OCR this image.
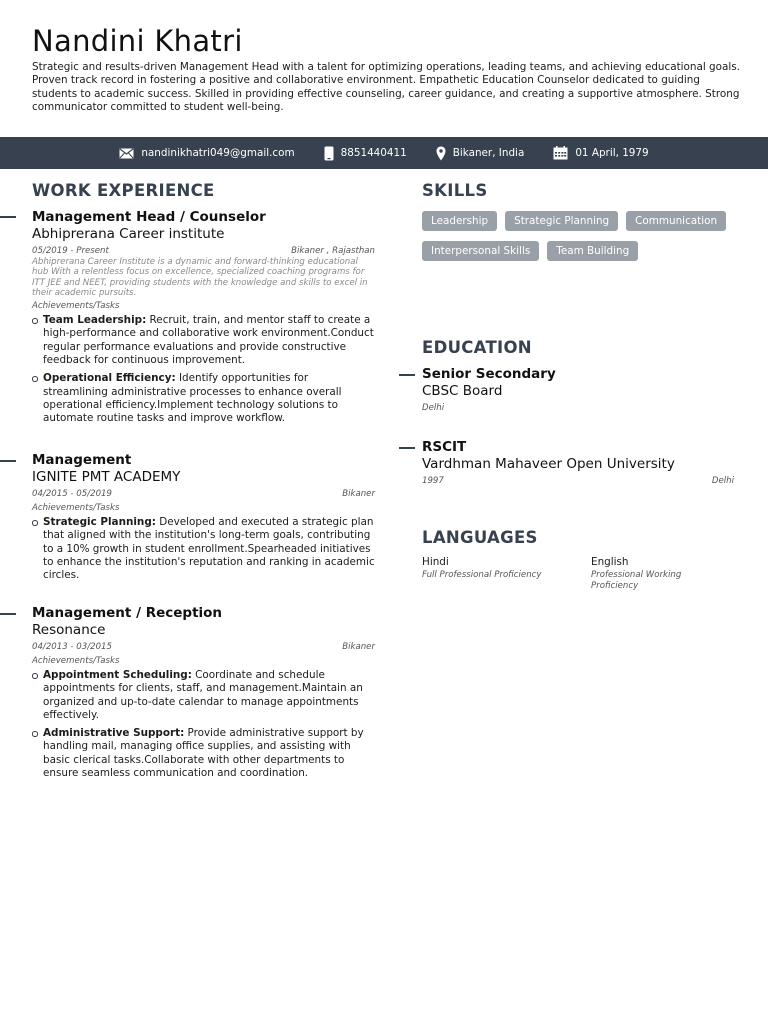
Nandini Khatri
Strategic and results-driven Management Head with a talent for optimizing operations, leading teams, and achieving educational goals. Proven track record in fostering a positive and collaborative environment. Empathetic Education Counselor dedicated to guiding students to academic success. Skilled in providing effective counseling, career guidance, and creating a supportive atmosphere. Strong communicator committed to student well-being.
nandinikhatri049@gmail.com	8851440411	Bikaner, India	01 April, 1979
WORK EXPERIENCE
Management Head / Counselor
Abhiprerana Career institute
05/2019 - Present	Bikaner , Rajasthan
Abhiprerana Career Institute is a dynamic and forward-thinking educational hub With a relentless focus on excellence, specialized coaching programs for ITT JEE and NEET, providing students with the knowledge and skills to excel in their academic pursuits.
Achievements/Tasks
Team Leadership: Recruit, train, and mentor staff to create a high-performance and collaborative work environment.Conduct regular performance evaluations and provide constructive feedback for continuous improvement.
Operational Efficiency: Identify opportunities for streamlining administrative processes to enhance overall operational efficiency.Implement technology solutions to automate routine tasks and improve workflow.
Management
IGNITE PMT ACADEMY
04/2015 - 05/2019	Bikaner
Achievements/Tasks
Strategic Planning: Developed and executed a strategic plan that aligned with the institution's long-term goals, contributing to a 10% growth in student enrollment.Spearheaded initiatives to enhance the institution's reputation and ranking in academic circles.
Management / Reception
Resonance
04/2013 - 03/2015	Bikaner
Achievements/Tasks
Appointment Scheduling: Coordinate and schedule appointments for clients, staff, and management.Maintain an organized and up-to-date calendar to manage appointments effectively.
Administrative Support: Provide administrative support by handling mail, managing office supplies, and assisting with basic clerical tasks.Collaborate with other departments to ensure seamless communication and coordination.
SKILLS
Leadership	Strategic Planning	Communication
Interpersonal Skills	Team Building
EDUCATION
Senior Secondary
CBSC Board
Delhi
RSCIT
Vardhman Mahaveer Open University
1997	Delhi
LANGUAGES
Hindi
Full Professional Proficiency
English
Professional Working Proficiency
